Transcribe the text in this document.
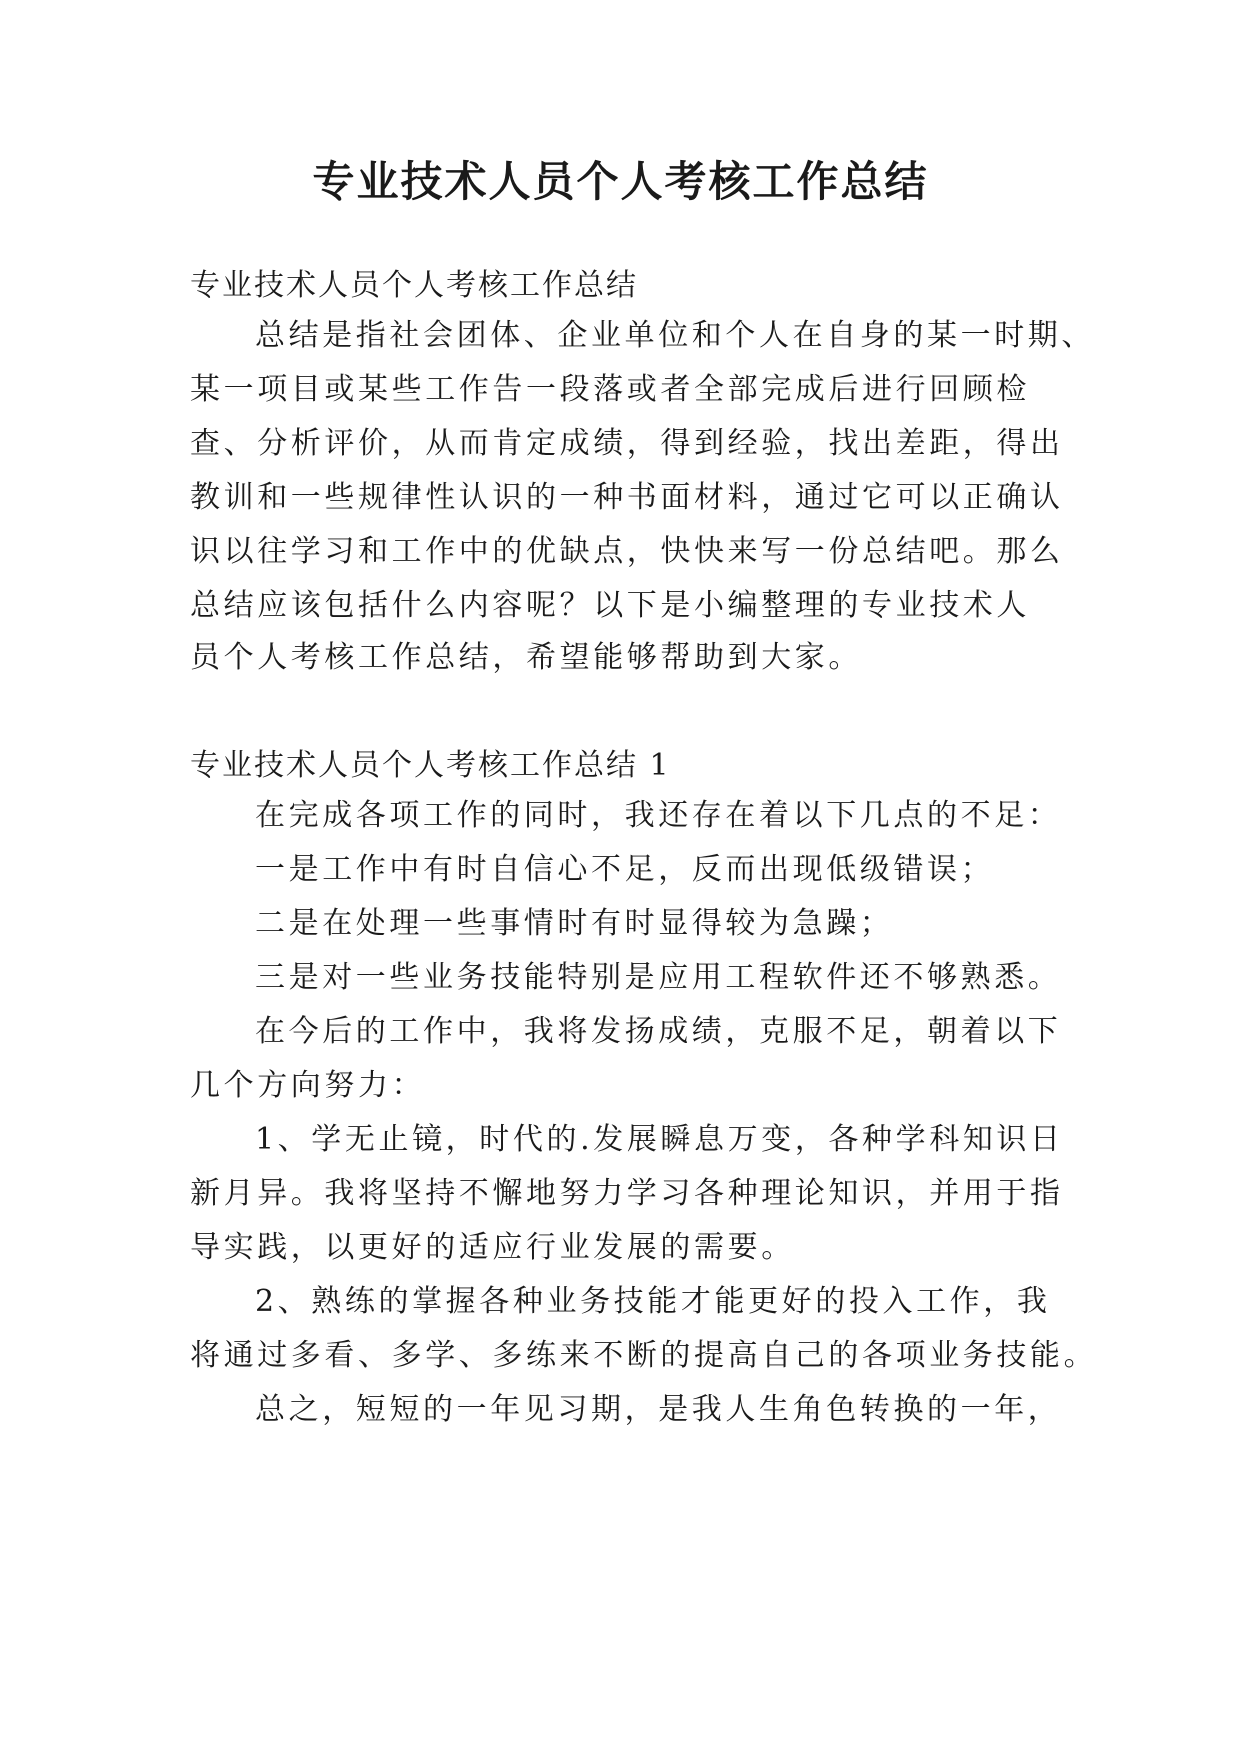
专业技术人员个人考核工作总结

专业技术人员个人考核工作总结

总结是指社会团体、企业单位和个人在自身的某一时期、

某一项目或某些工作告一段落或者全部完成后进行回顾检

查、分析评价，从而肯定成绩，得到经验，找出差距，得出

教训和一些规律性认识的一种书面材料，通过它可以正确认

识以往学习和工作中的优缺点，快快来写一份总结吧。那么

总结应该包括什么内容呢？以下是小编整理的专业技术人

员个人考核工作总结，希望能够帮助到大家。

专业技术人员个人考核工作总结 1

在完成各项工作的同时，我还存在着以下几点的不足：

一是工作中有时自信心不足，反而出现低级错误；

二是在处理一些事情时有时显得较为急躁；

三是对一些业务技能特别是应用工程软件还不够熟悉。

在今后的工作中，我将发扬成绩，克服不足，朝着以下

几个方向努力：

1、学无止镜，时代的.发展瞬息万变，各种学科知识日

新月异。我将坚持不懈地努力学习各种理论知识，并用于指

导实践，以更好的适应行业发展的需要。

2、熟练的掌握各种业务技能才能更好的投入工作，我

将通过多看、多学、多练来不断的提高自己的各项业务技能。

总之，短短的一年见习期，是我人生角色转换的一年，
